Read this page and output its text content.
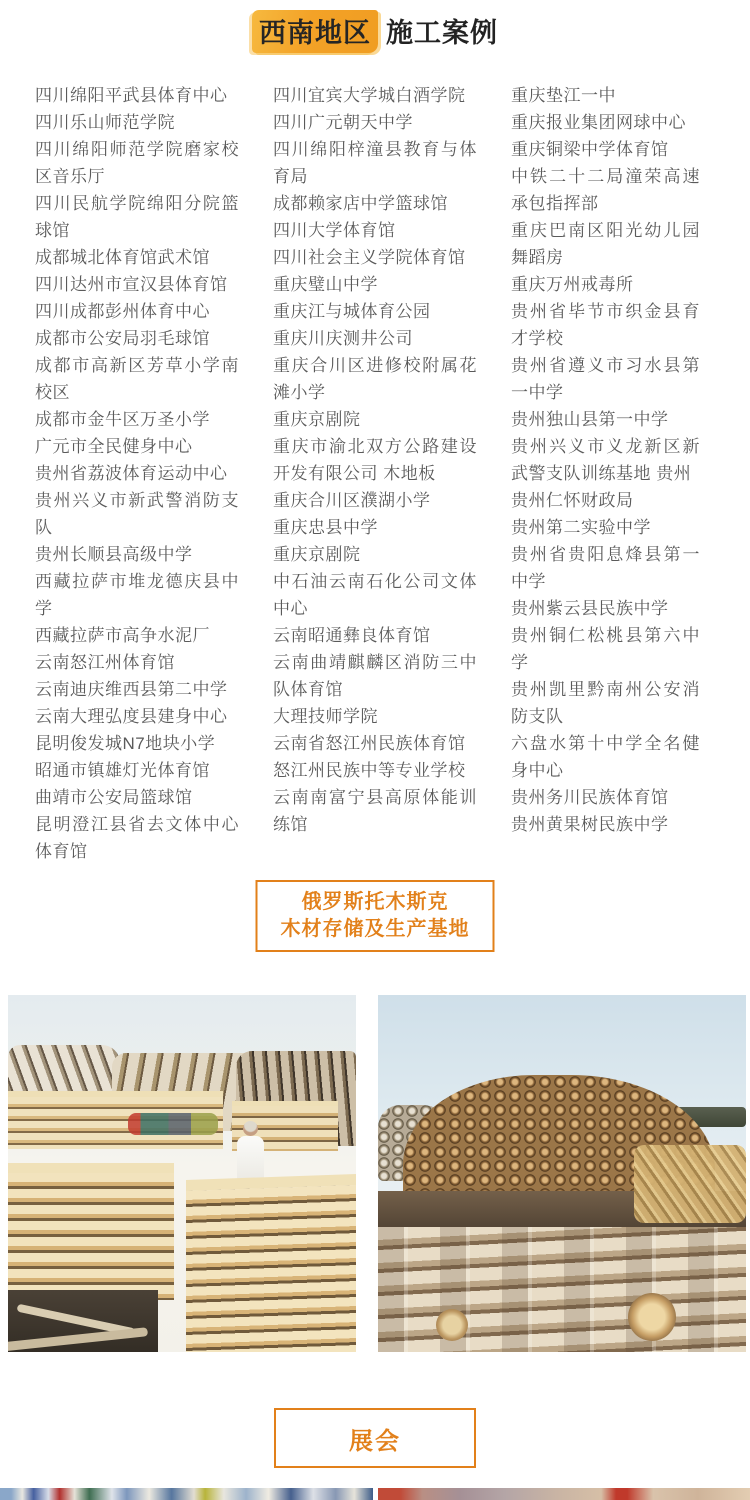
西南地区 施工案例
四川绵阳平武县体育中心
四川乐山师范学院
四川绵阳师范学院磨家校区音乐厅
四川民航学院绵阳分院篮球馆
成都城北体育馆武术馆
四川达州市宣汉县体育馆
四川成都彭州体育中心
成都市公安局羽毛球馆
成都市高新区芳草小学南校区
成都市金牛区万圣小学
广元市全民健身中心
贵州省荔波体育运动中心
贵州兴义市新武警消防支队
贵州长顺县高级中学
西藏拉萨市堆龙德庆县中学
西藏拉萨市高争水泥厂
云南怒江州体育馆
云南迪庆维西县第二中学
云南大理弘度县建身中心
昆明俊发城N7地块小学
昭通市镇雄灯光体育馆
曲靖市公安局篮球馆
昆明澄江县省去文体中心体育馆
四川宜宾大学城白酒学院
四川广元朝天中学
四川绵阳梓潼县教育与体育局
成都赖家店中学篮球馆
四川大学体育馆
四川社会主义学院体育馆
重庆璧山中学
重庆江与城体育公园
重庆川庆测井公司
重庆合川区进修校附属花滩小学
重庆京剧院
重庆市渝北双方公路建设开发有限公司 木地板
重庆合川区濮湖小学
重庆忠县中学
重庆京剧院
中石油云南石化公司文体中心
云南昭通彝良体育馆
云南曲靖麒麟区消防三中队体育馆
大理技师学院
云南省怒江州民族体育馆
怒江州民族中等专业学校
云南南富宁县高原体能训练馆
重庆垫江一中
重庆报业集团网球中心
重庆铜梁中学体育馆
中铁二十二局潼荣高速承包指挥部
重庆巴南区阳光幼儿园舞蹈房
重庆万州戒毒所
贵州省毕节市织金县育才学校
贵州省遵义市习水县第一中学
贵州独山县第一中学
贵州兴义市义龙新区新 武警支队训练基地 贵州
贵州仁怀财政局
贵州第二实验中学
贵州省贵阳息烽县第一中学
贵州紫云县民族中学
贵州铜仁松桃县第六中学
贵州凯里黔南州公安消防支队
六盘水第十中学全名健身中心
贵州务川民族体育馆
贵州黄果树民族中学
俄罗斯托木斯克
木材存储及生产基地
展会
